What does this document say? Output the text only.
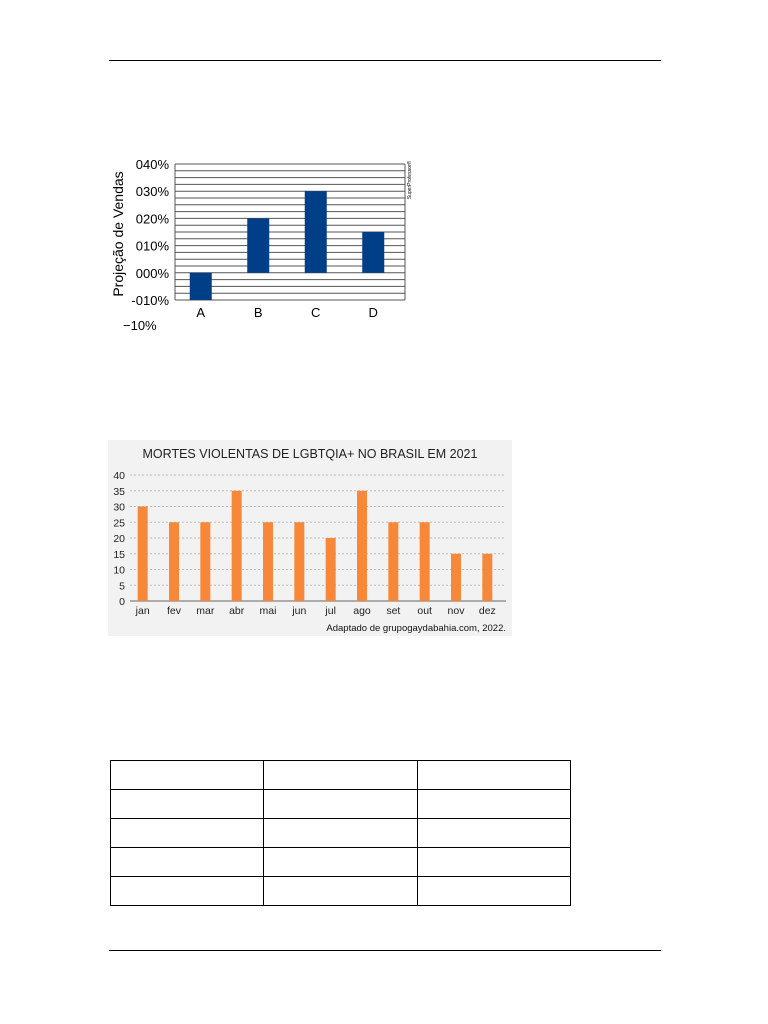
040%
030%
020%
010%
000%
-010%
A	B	C	D
Projeção de Vendas
−10%
SuperProfessor®
MORTES VIOLENTAS DE LGBTQIA+ NO BRASIL EM 2021
40
35
30
25
20
15
10
5
0
jan fev mar abr mai jun jul ago set out nov dez
Adaptado de grupogaydabahia.com, 2022.
